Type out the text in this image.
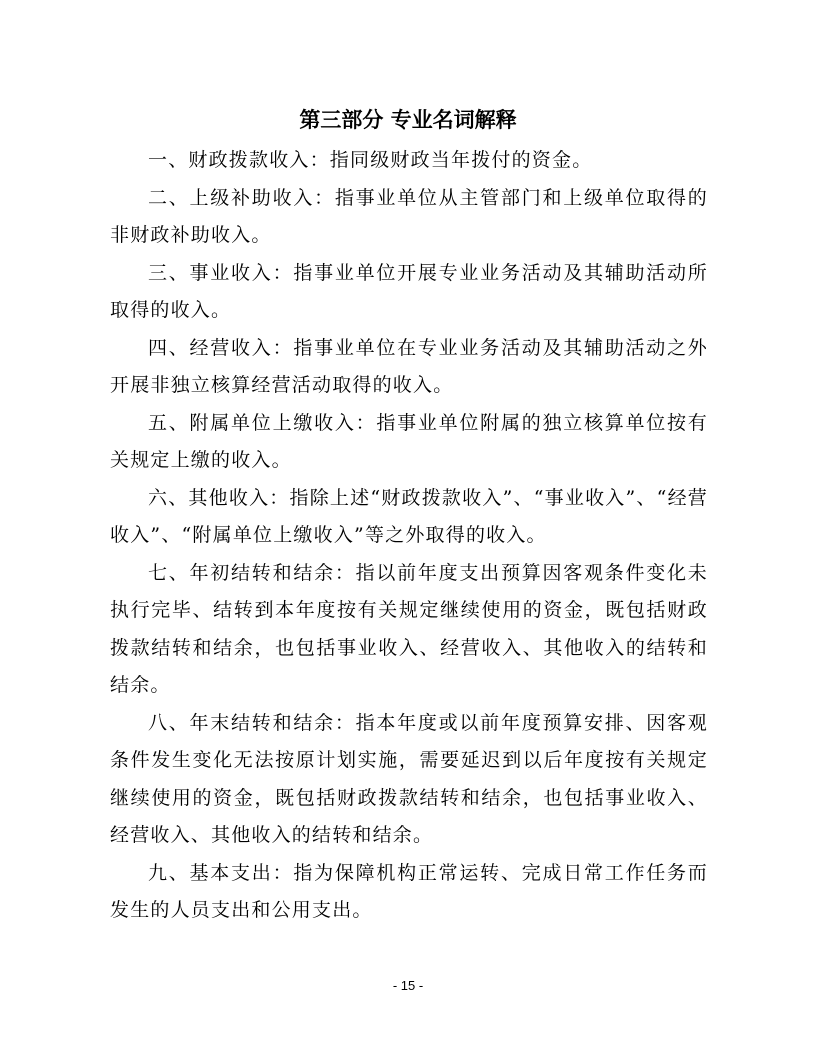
第三部分 专业名词解释

一、财政拨款收入：指同级财政当年拨付的资金。

二、上级补助收入：指事业单位从主管部门和上级单位取得的非财政补助收入。

三、事业收入：指事业单位开展专业业务活动及其辅助活动所取得的收入。

四、经营收入：指事业单位在专业业务活动及其辅助活动之外开展非独立核算经营活动取得的收入。

五、附属单位上缴收入：指事业单位附属的独立核算单位按有关规定上缴的收入。

六、其他收入：指除上述“财政拨款收入”、“事业收入”、“经营收入”、“附属单位上缴收入”等之外取得的收入。

七、年初结转和结余：指以前年度支出预算因客观条件变化未执行完毕、结转到本年度按有关规定继续使用的资金，既包括财政拨款结转和结余，也包括事业收入、经营收入、其他收入的结转和结余。

八、年末结转和结余：指本年度或以前年度预算安排、因客观条件发生变化无法按原计划实施，需要延迟到以后年度按有关规定继续使用的资金，既包括财政拨款结转和结余，也包括事业收入、经营收入、其他收入的结转和结余。

九、基本支出：指为保障机构正常运转、完成日常工作任务而发生的人员支出和公用支出。

- 15 -
